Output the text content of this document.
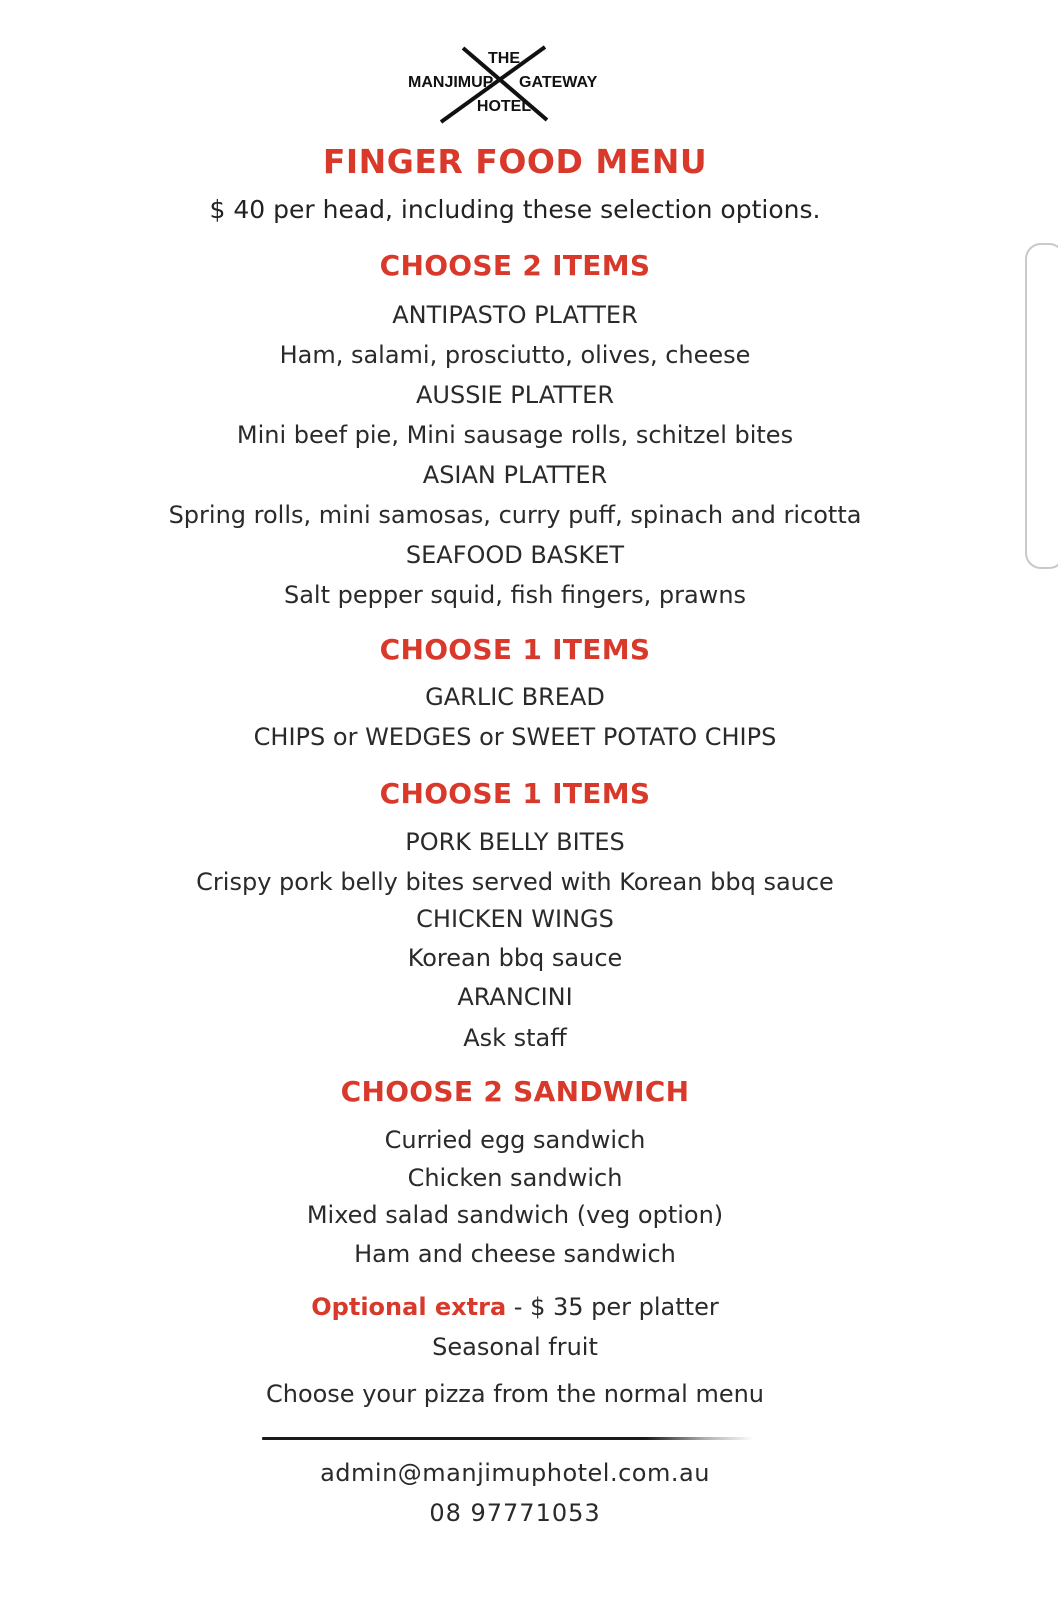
THE
MANJIMUP GATEWAY
HOTEL
FINGER FOOD MENU
$ 40 per head, including these selection options.
CHOOSE 2 ITEMS
ANTIPASTO PLATTER
Ham, salami, prosciutto, olives, cheese
AUSSIE PLATTER
Mini beef pie, Mini sausage rolls, schitzel bites
ASIAN PLATTER
Spring rolls, mini samosas, curry puff, spinach and ricotta
SEAFOOD BASKET
Salt pepper squid, fish fingers, prawns
CHOOSE 1 ITEMS
GARLIC BREAD
CHIPS or WEDGES or SWEET POTATO CHIPS
CHOOSE 1 ITEMS
PORK BELLY BITES
Crispy pork belly bites served with Korean bbq sauce
CHICKEN WINGS
Korean bbq sauce
ARANCINI
Ask staff
CHOOSE 2 SANDWICH
Curried egg sandwich
Chicken sandwich
Mixed salad sandwich (veg option)
Ham and cheese sandwich
Optional extra - $ 35 per platter
Seasonal fruit
Choose your pizza from the normal menu
admin@manjimuphotel.com.au
08 97771053
